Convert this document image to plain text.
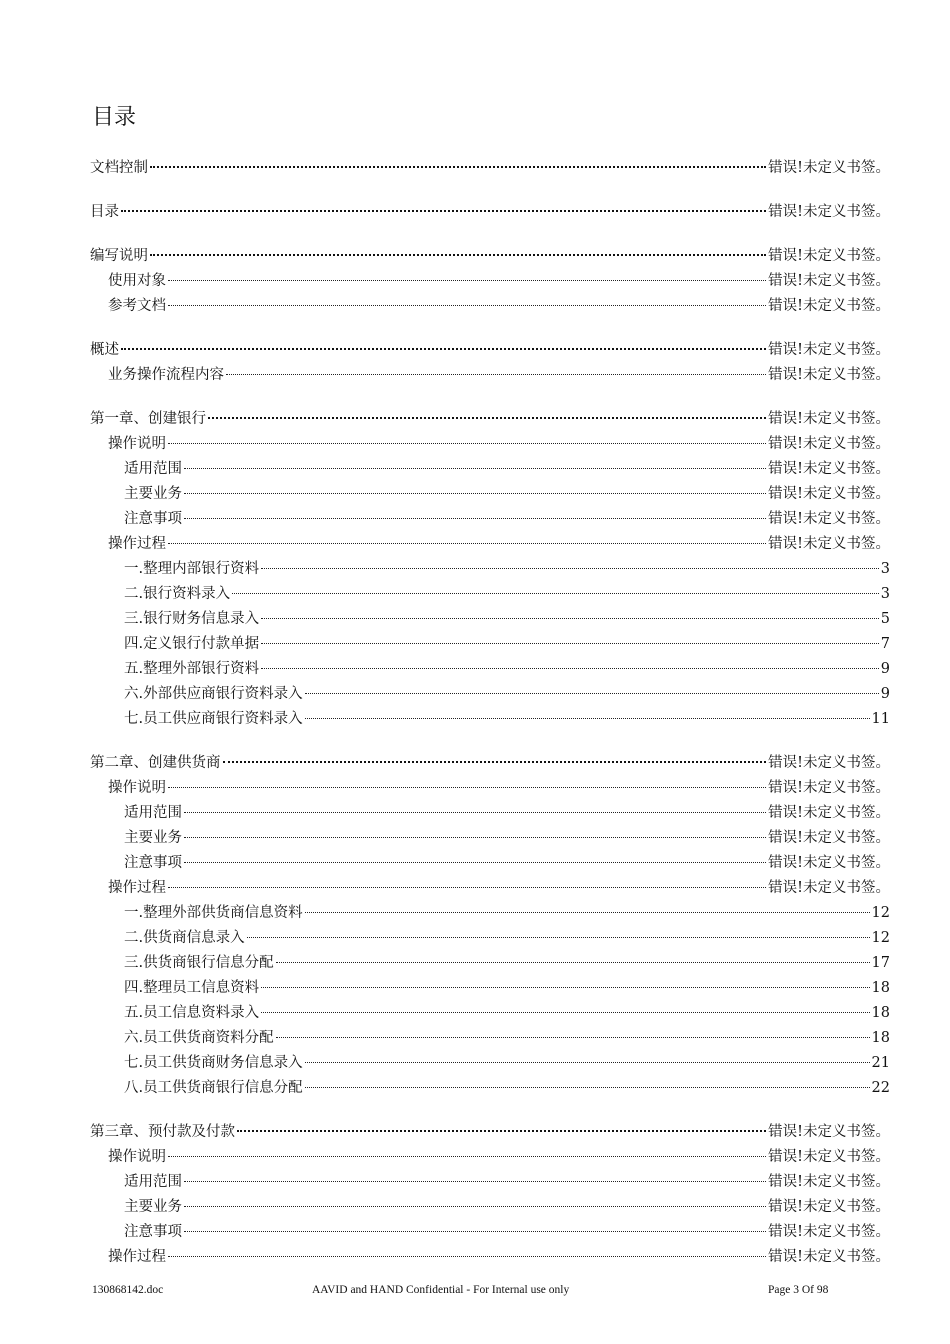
目录
文档控制	错误!未定义书签。
目录	错误!未定义书签。
编写说明	错误!未定义书签。
使用对象	错误!未定义书签。
参考文档	错误!未定义书签。
概述	错误!未定义书签。
业务操作流程内容	错误!未定义书签。
第一章、创建银行	错误!未定义书签。
操作说明	错误!未定义书签。
适用范围	错误!未定义书签。
主要业务	错误!未定义书签。
注意事项	错误!未定义书签。
操作过程	错误!未定义书签。
一.整理内部银行资料	3
二.银行资料录入	3
三.银行财务信息录入	5
四.定义银行付款单据	7
五.整理外部银行资料	9
六.外部供应商银行资料录入	9
七.员工供应商银行资料录入	11
第二章、创建供货商	错误!未定义书签。
操作说明	错误!未定义书签。
适用范围	错误!未定义书签。
主要业务	错误!未定义书签。
注意事项	错误!未定义书签。
操作过程	错误!未定义书签。
一.整理外部供货商信息资料	12
二.供货商信息录入	12
三.供货商银行信息分配	17
四.整理员工信息资料	18
五.员工信息资料录入	18
六.员工供货商资料分配	18
七.员工供货商财务信息录入	21
八.员工供货商银行信息分配	22
第三章、预付款及付款	错误!未定义书签。
操作说明	错误!未定义书签。
适用范围	错误!未定义书签。
主要业务	错误!未定义书签。
注意事项	错误!未定义书签。
操作过程	错误!未定义书签。
130868142.doc	AAVID and HAND Confidential - For Internal use only	Page 3 Of 98
